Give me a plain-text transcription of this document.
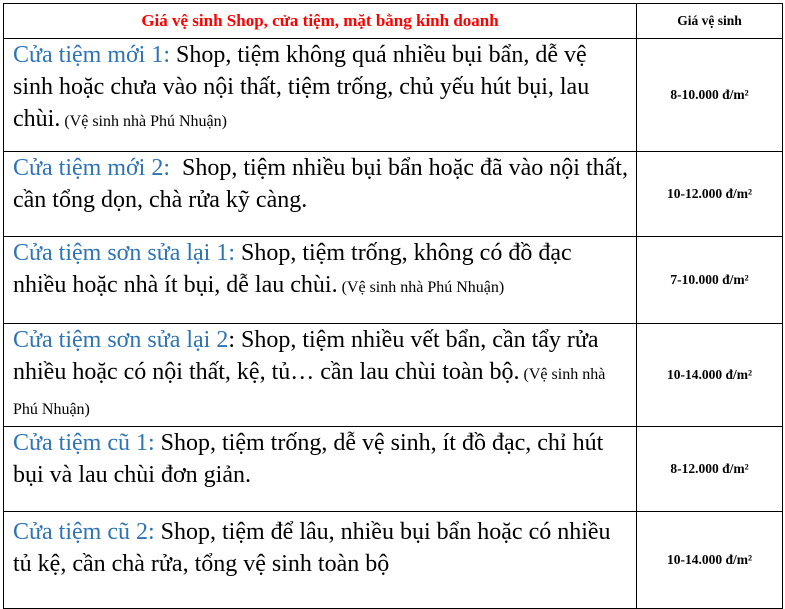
Giá vệ sinh Shop, cửa tiệm, mặt bằng kinh doanh	Giá vệ sinh

Cửa tiệm mới 1: Shop, tiệm không quá nhiều bụi bẩn, dễ vệ sinh hoặc chưa vào nội thất, tiệm trống, chủ yếu hút bụi, lau chùi. (Vệ sinh nhà Phú Nhuận)	8-10.000 đ/m²

Cửa tiệm mới 2:  Shop, tiệm nhiều bụi bẩn hoặc đã vào nội thất, cần tổng dọn, chà rửa kỹ càng.	10-12.000 đ/m²

Cửa tiệm sơn sửa lại 1: Shop, tiệm trống, không có đồ đạc nhiều hoặc nhà ít bụi, dễ lau chùi. (Vệ sinh nhà Phú Nhuận)	7-10.000 đ/m²

Cửa tiệm sơn sửa lại 2: Shop, tiệm nhiều vết bẩn, cần tẩy rửa nhiều hoặc có nội thất, kệ, tủ… cần lau chùi toàn bộ. (Vệ sinh nhà Phú Nhuận)	10-14.000 đ/m²

Cửa tiệm cũ 1: Shop, tiệm trống, dễ vệ sinh, ít đồ đạc, chỉ hút bụi và lau chùi đơn giản.	8-12.000 đ/m²

Cửa tiệm cũ 2: Shop, tiệm để lâu, nhiều bụi bẩn hoặc có nhiều tủ kệ, cần chà rửa, tổng vệ sinh toàn bộ	10-14.000 đ/m²
